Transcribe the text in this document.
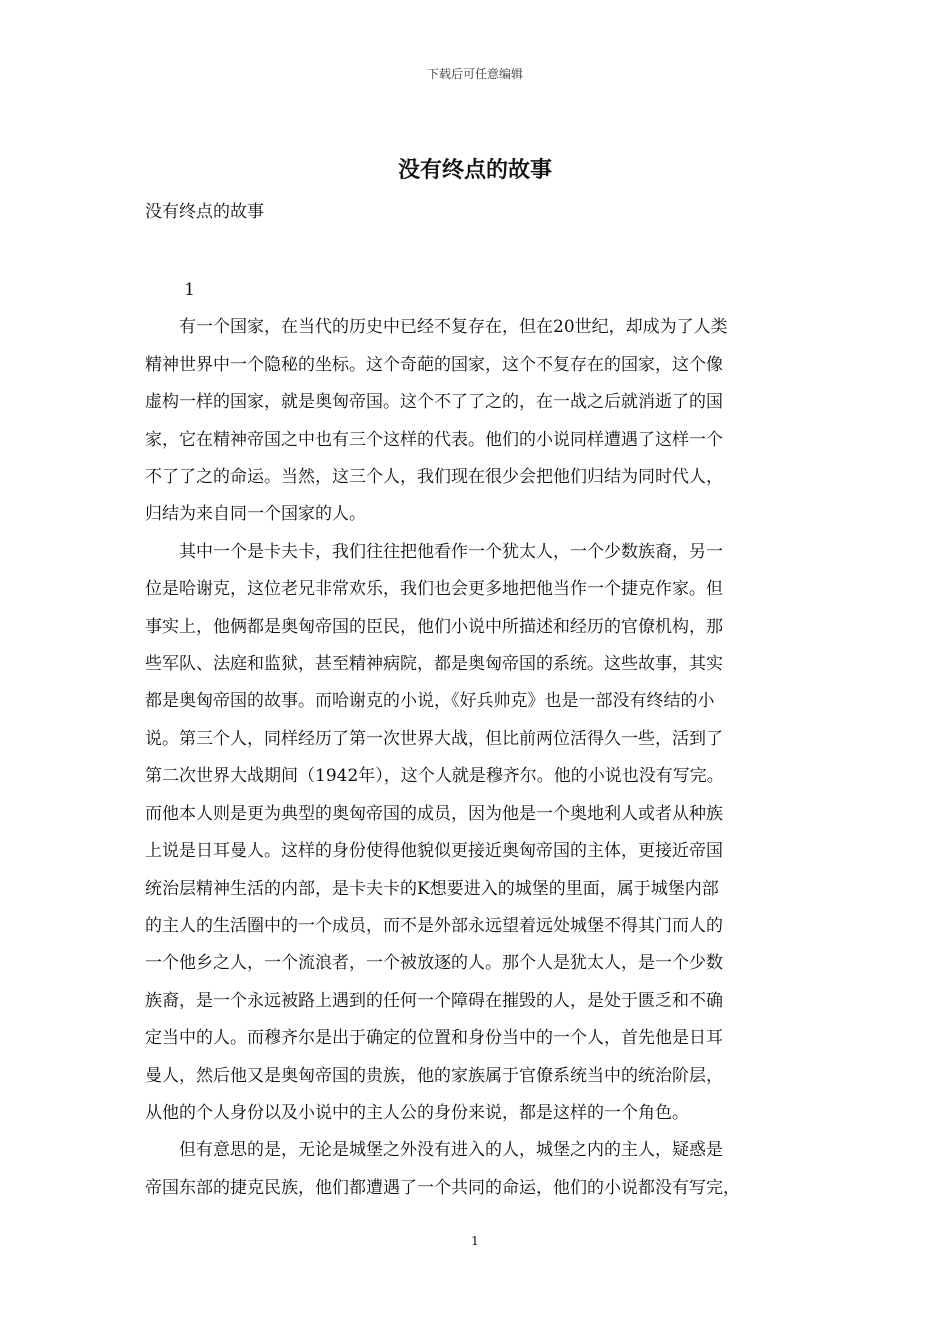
下载后可任意编辑
没有终点的故事
没有终点的故事

1

有一个国家，在当代的历史中已经不复存在，但在20世纪，却成为了人类

精神世界中一个隐秘的坐标。这个奇葩的国家，这个不复存在的国家，这个像

虚构一样的国家，就是奥匈帝国。这个不了了之的，在一战之后就消逝了的国

家，它在精神帝国之中也有三个这样的代表。他们的小说同样遭遇了这样一个

不了了之的命运。当然，这三个人，我们现在很少会把他们归结为同时代人，

归结为来自同一个国家的人。

其中一个是卡夫卡，我们往往把他看作一个犹太人，一个少数族裔，另一

位是哈谢克，这位老兄非常欢乐，我们也会更多地把他当作一个捷克作家。但

事实上，他俩都是奥匈帝国的臣民，他们小说中所描述和经历的官僚机构，那

些军队、法庭和监狱，甚至精神病院，都是奥匈帝国的系统。这些故事，其实

都是奥匈帝国的故事。而哈谢克的小说，《好兵帅克》也是一部没有终结的小

说。第三个人，同样经历了第一次世界大战，但比前两位活得久一些，活到了

第二次世界大战期间（1942年），这个人就是穆齐尔。他的小说也没有写完。

而他本人则是更为典型的奥匈帝国的成员，因为他是一个奥地利人或者从种族

上说是日耳曼人。这样的身份使得他貌似更接近奥匈帝国的主体，更接近帝国

统治层精神生活的内部，是卡夫卡的K想要进入的城堡的里面，属于城堡内部

的主人的生活圈中的一个成员，而不是外部永远望着远处城堡不得其门而人的

一个他乡之人，一个流浪者，一个被放逐的人。那个人是犹太人，是一个少数

族裔，是一个永远被路上遇到的任何一个障碍在摧毁的人，是处于匮乏和不确

定当中的人。而穆齐尔是出于确定的位置和身份当中的一个人，首先他是日耳

曼人，然后他又是奥匈帝国的贵族，他的家族属于官僚系统当中的统治阶层，

从他的个人身份以及小说中的主人公的身份来说，都是这样的一个角色。

但有意思的是，无论是城堡之外没有进入的人，城堡之内的主人，疑惑是

帝国东部的捷克民族，他们都遭遇了一个共同的命运，他们的小说都没有写完，

1
